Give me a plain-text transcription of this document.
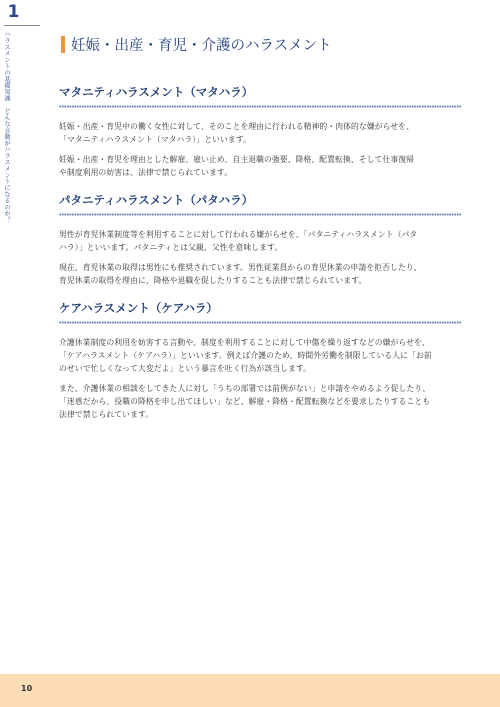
1
ハラスメントの基礎知識　どんな言動がハラスメントになるのか？	妊娠・出産・育児・介護のハラスメント
マタニティハラスメント（マタハラ）

妊娠・出産・育児中の働く女性に対して、そのことを理由に行われる精神的・肉体的な嫌がらせを、
「マタニティハラスメント（マタハラ）」といいます。

妊娠・出産・育児を理由とした解雇、雇い止め、自主退職の強要、降格、配置転換、そして仕事復帰
や制度利用の妨害は、法律で禁じられています。

パタニティハラスメント（パタハラ）

男性が育児休業制度等を利用することに対して行われる嫌がらせを、「パタニティハラスメント（パタ
ハラ）」といいます。パタニティとは父親、父性を意味します。

現在、育児休業の取得は男性にも推奨されています。男性従業員からの育児休業の申請を拒否したり、
育児休業の取得を理由に、降格や退職を促したりすることも法律で禁じられています。

ケアハラスメント（ケアハラ）

介護休業制度の利用を妨害する言動や、制度を利用することに対して中傷を繰り返すなどの嫌がらせを、
「ケアハラスメント（ケアハラ）」といいます。例えば介護のため、時間外労働を制限している人に「お前
のせいで忙しくなって大変だよ」という暴言を吐く行為が該当します。

また、介護休業の相談をしてきた人に対し「うちの部署では前例がない」と申請をやめるよう促したり、
「迷惑だから、役職の降格を申し出てほしい」など、解雇・降格・配置転換などを要求したりすることも
法律で禁じられています。

10
